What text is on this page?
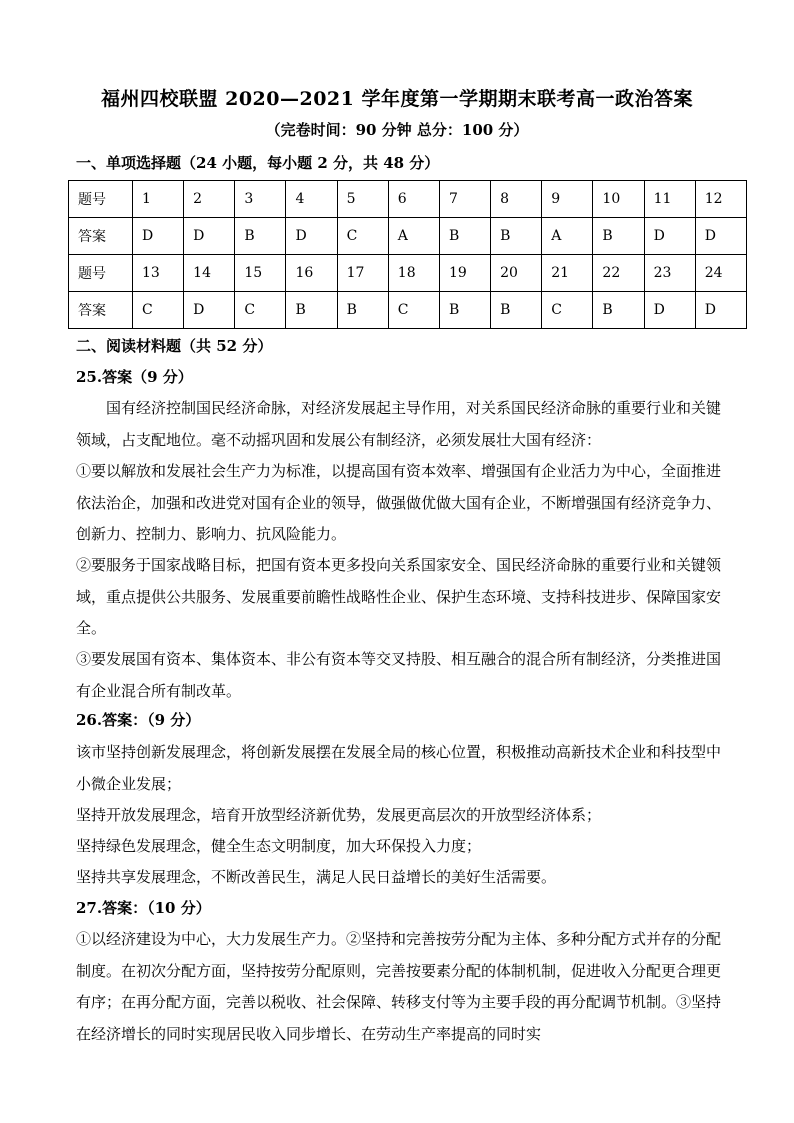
福州四校联盟 2020—2021 学年度第一学期期末联考高一政治答案
（完卷时间：90 分钟 总分：100 分）
一、单项选择题（24 小题，每小题 2 分，共 48 分）
题号	1	2	3	4	5	6	7	8	9	10	11	12
答案	D	D	B	D	C	A	B	B	A	B	D	D
题号	13	14	15	16	17	18	19	20	21	22	23	24
答案	C	D	C	B	B	C	B	B	C	B	D	D
二、阅读材料题（共 52 分）
25.答案（9 分）
国有经济控制国民经济命脉，对经济发展起主导作用，对关系国民经济命脉的重要行业和关键领域，占支配地位。毫不动摇巩固和发展公有制经济，必须发展壮大国有经济：
①要以解放和发展社会生产力为标准，以提高国有资本效率、增强国有企业活力为中心，全面推进依法治企，加强和改进党对国有企业的领导，做强做优做大国有企业，不断增强国有经济竞争力、创新力、控制力、影响力、抗风险能力。
②要服务于国家战略目标，把国有资本更多投向关系国家安全、国民经济命脉的重要行业和关键领域，重点提供公共服务、发展重要前瞻性战略性企业、保护生态环境、支持科技进步、保障国家安全。
③要发展国有资本、集体资本、非公有资本等交叉持股、相互融合的混合所有制经济，分类推进国有企业混合所有制改革。
26.答案：（9 分）
该市坚持创新发展理念，将创新发展摆在发展全局的核心位置，积极推动高新技术企业和科技型中小微企业发展；
坚持开放发展理念，培育开放型经济新优势，发展更高层次的开放型经济体系；
坚持绿色发展理念，健全生态文明制度，加大环保投入力度；
坚持共享发展理念，不断改善民生，满足人民日益增长的美好生活需要。
27.答案：（10 分）
①以经济建设为中心，大力发展生产力。②坚持和完善按劳分配为主体、多种分配方式并存的分配制度。在初次分配方面，坚持按劳分配原则，完善按要素分配的体制机制，促进收入分配更合理更有序；在再分配方面，完善以税收、社会保障、转移支付等为主要手段的再分配调节机制。③坚持在经济增长的同时实现居民收入同步增长、在劳动生产率提高的同时实
